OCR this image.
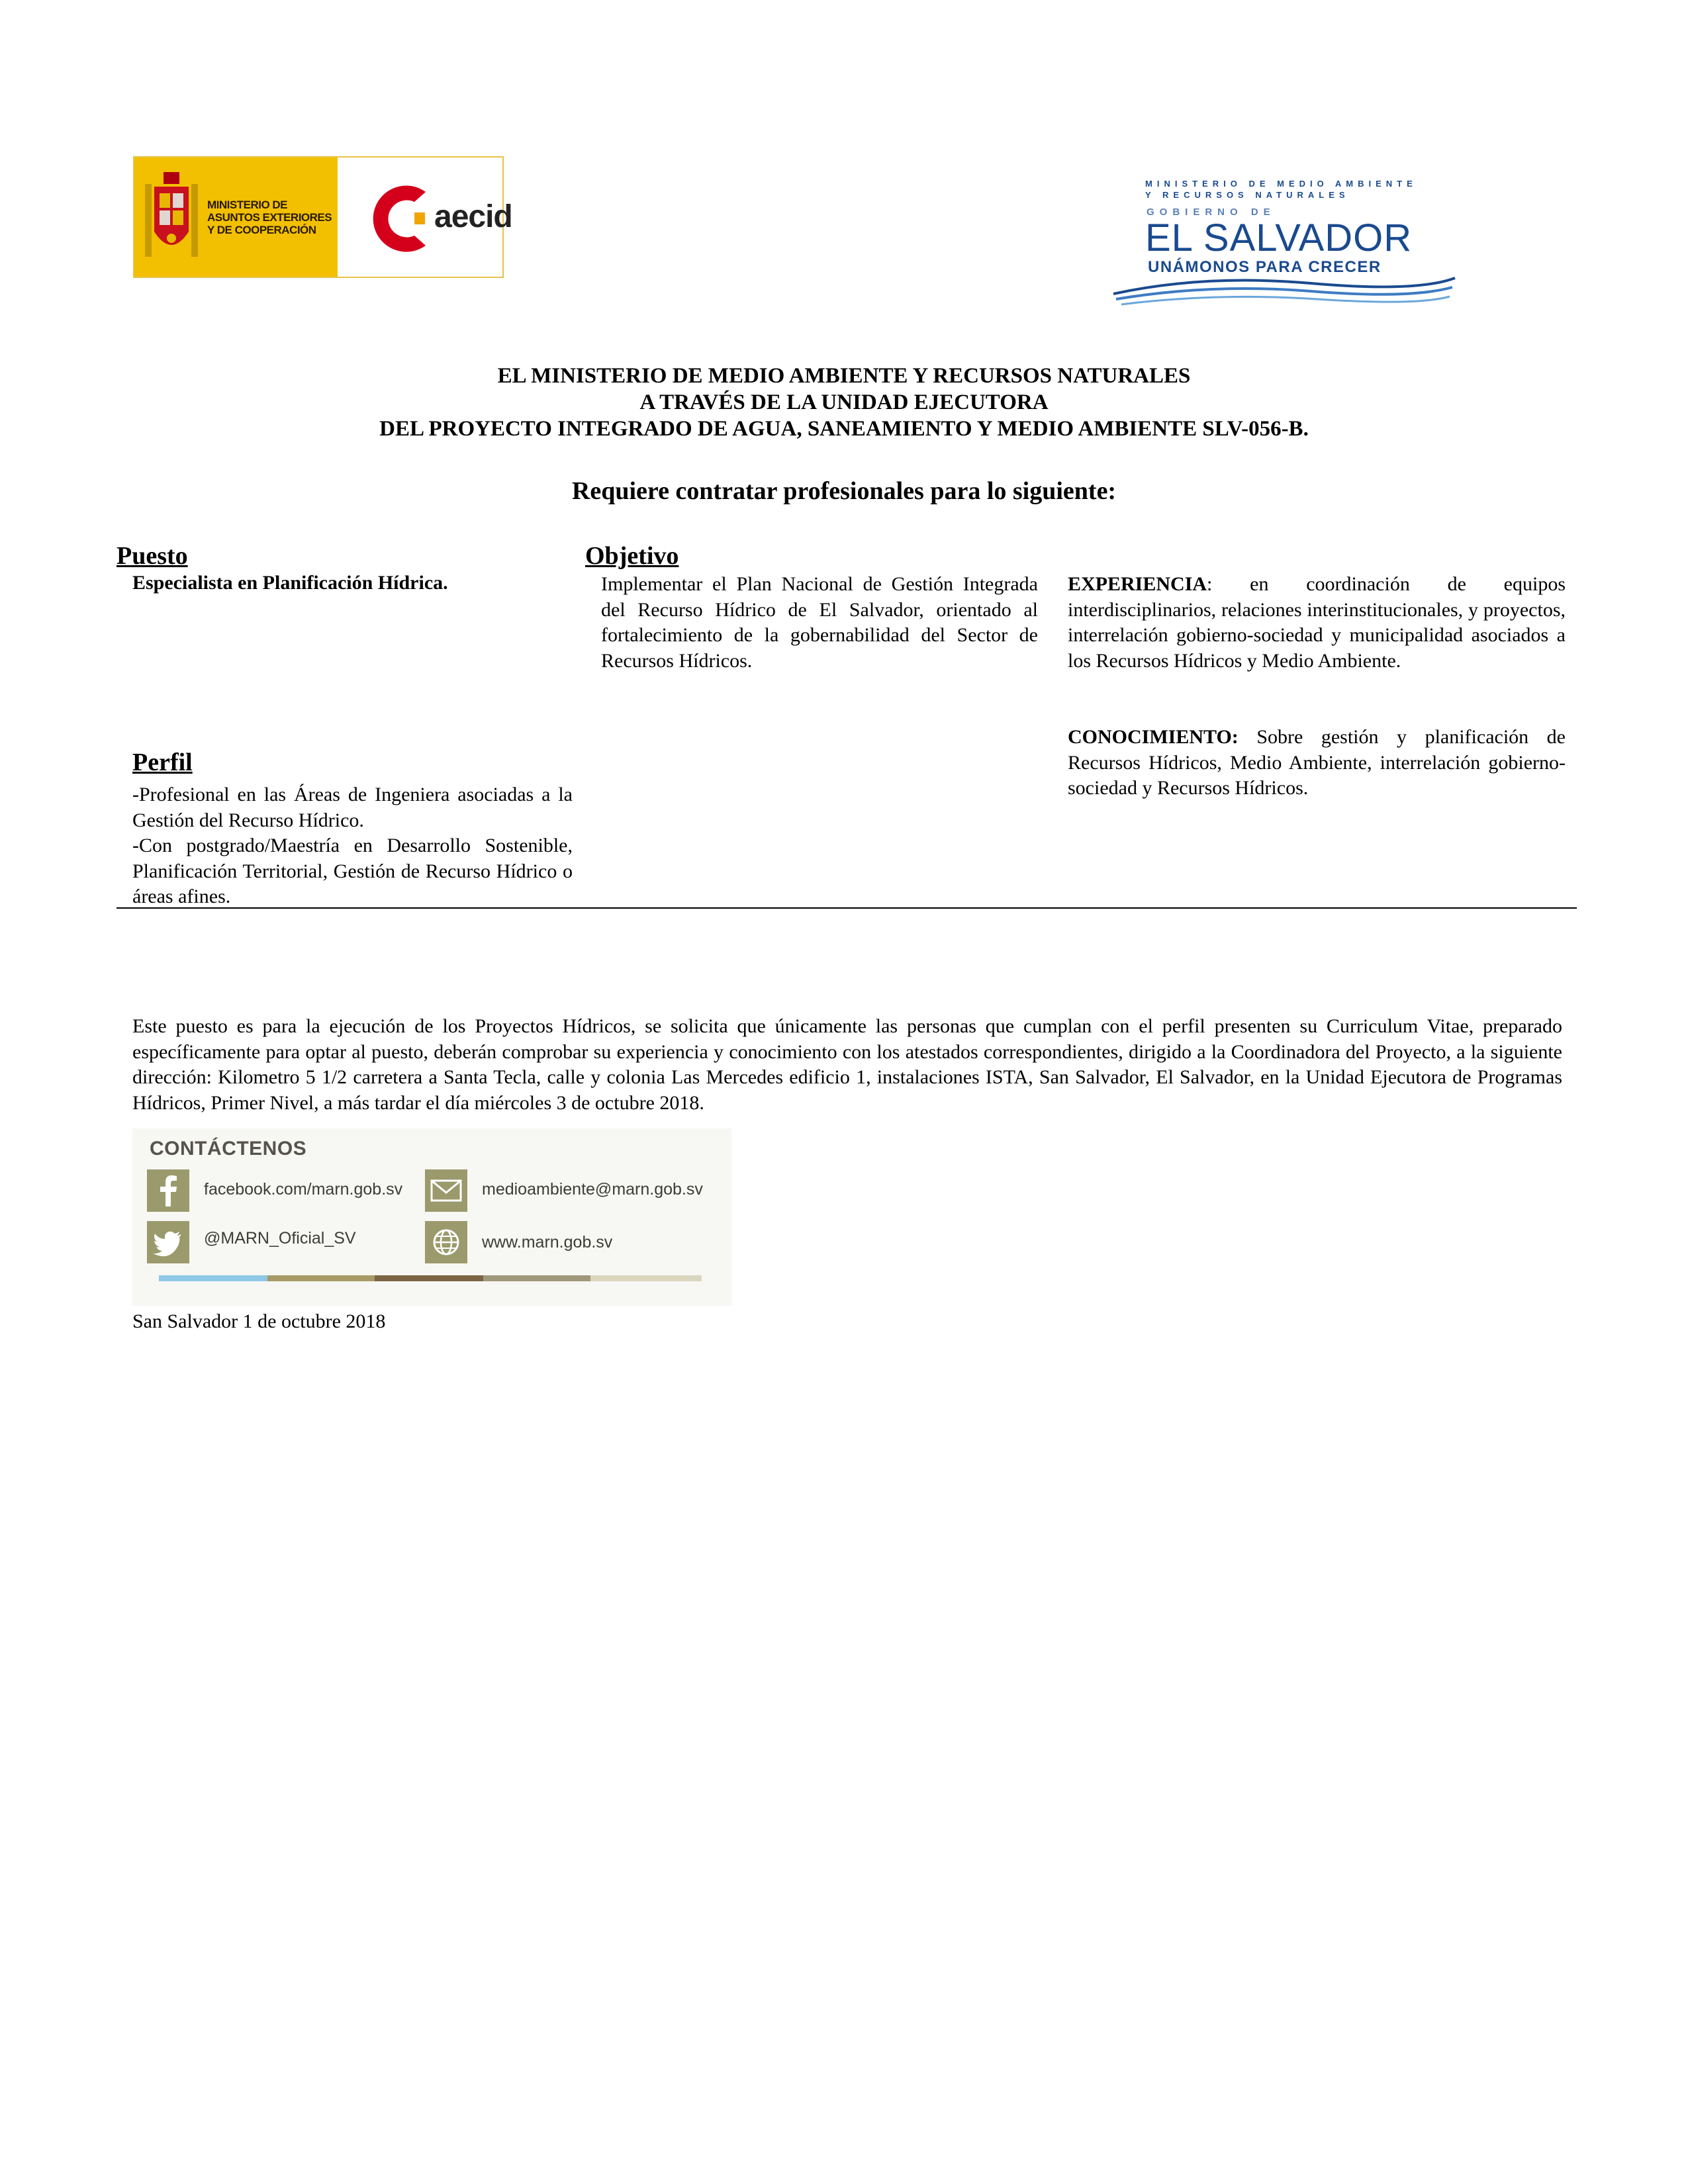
MINISTERIO DE ASUNTOS EXTERIORES Y DE COOPERACIÓN	aecid
MINISTERIO DE MEDIO AMBIENTE
Y RECURSOS NATURALES
GOBIERNO DE
EL SALVADOR
UNÁMONOS PARA CRECER
EL MINISTERIO DE MEDIO AMBIENTE Y RECURSOS NATURALES
A TRAVÉS DE LA UNIDAD EJECUTORA
DEL PROYECTO INTEGRADO DE AGUA, SANEAMIENTO Y MEDIO AMBIENTE SLV-056-B.
Requiere contratar profesionales para lo siguiente:
Puesto
Especialista en Planificación Hídrica.
Objetivo
Implementar el Plan Nacional de Gestión Integrada del Recurso Hídrico de El Salvador, orientado al fortalecimiento de la gobernabilidad del Sector de Recursos Hídricos.
EXPERIENCIA: en coordinación de equipos interdisciplinarios, relaciones interinstitucionales, y proyectos, interrelación gobierno-sociedad y municipalidad asociados a los Recursos Hídricos y Medio Ambiente.
CONOCIMIENTO: Sobre gestión y planificación de Recursos Hídricos, Medio Ambiente, interrelación gobierno-sociedad y Recursos Hídricos.
Perfil
-Profesional en las Áreas de Ingeniera asociadas a la Gestión del Recurso Hídrico.
-Con postgrado/Maestría en Desarrollo Sostenible, Planificación Territorial, Gestión de Recurso Hídrico o áreas afines.
Este puesto es para la ejecución de los Proyectos Hídricos, se solicita que únicamente las personas que cumplan con el perfil presenten su Curriculum Vitae, preparado específicamente para optar al puesto, deberán comprobar su experiencia y conocimiento con los atestados correspondientes, dirigido a la Coordinadora del Proyecto, a la siguiente dirección: Kilometro 5 1/2 carretera a Santa Tecla, calle y colonia Las Mercedes edificio 1, instalaciones ISTA, San Salvador, El Salvador, en la Unidad Ejecutora de Programas Hídricos, Primer Nivel, a más tardar el día miércoles 3 de octubre 2018.
CONTÁCTENOS
facebook.com/marn.gob.sv	medioambiente@marn.gob.sv
@MARN_Oficial_SV	www.marn.gob.sv
San Salvador 1 de octubre 2018
